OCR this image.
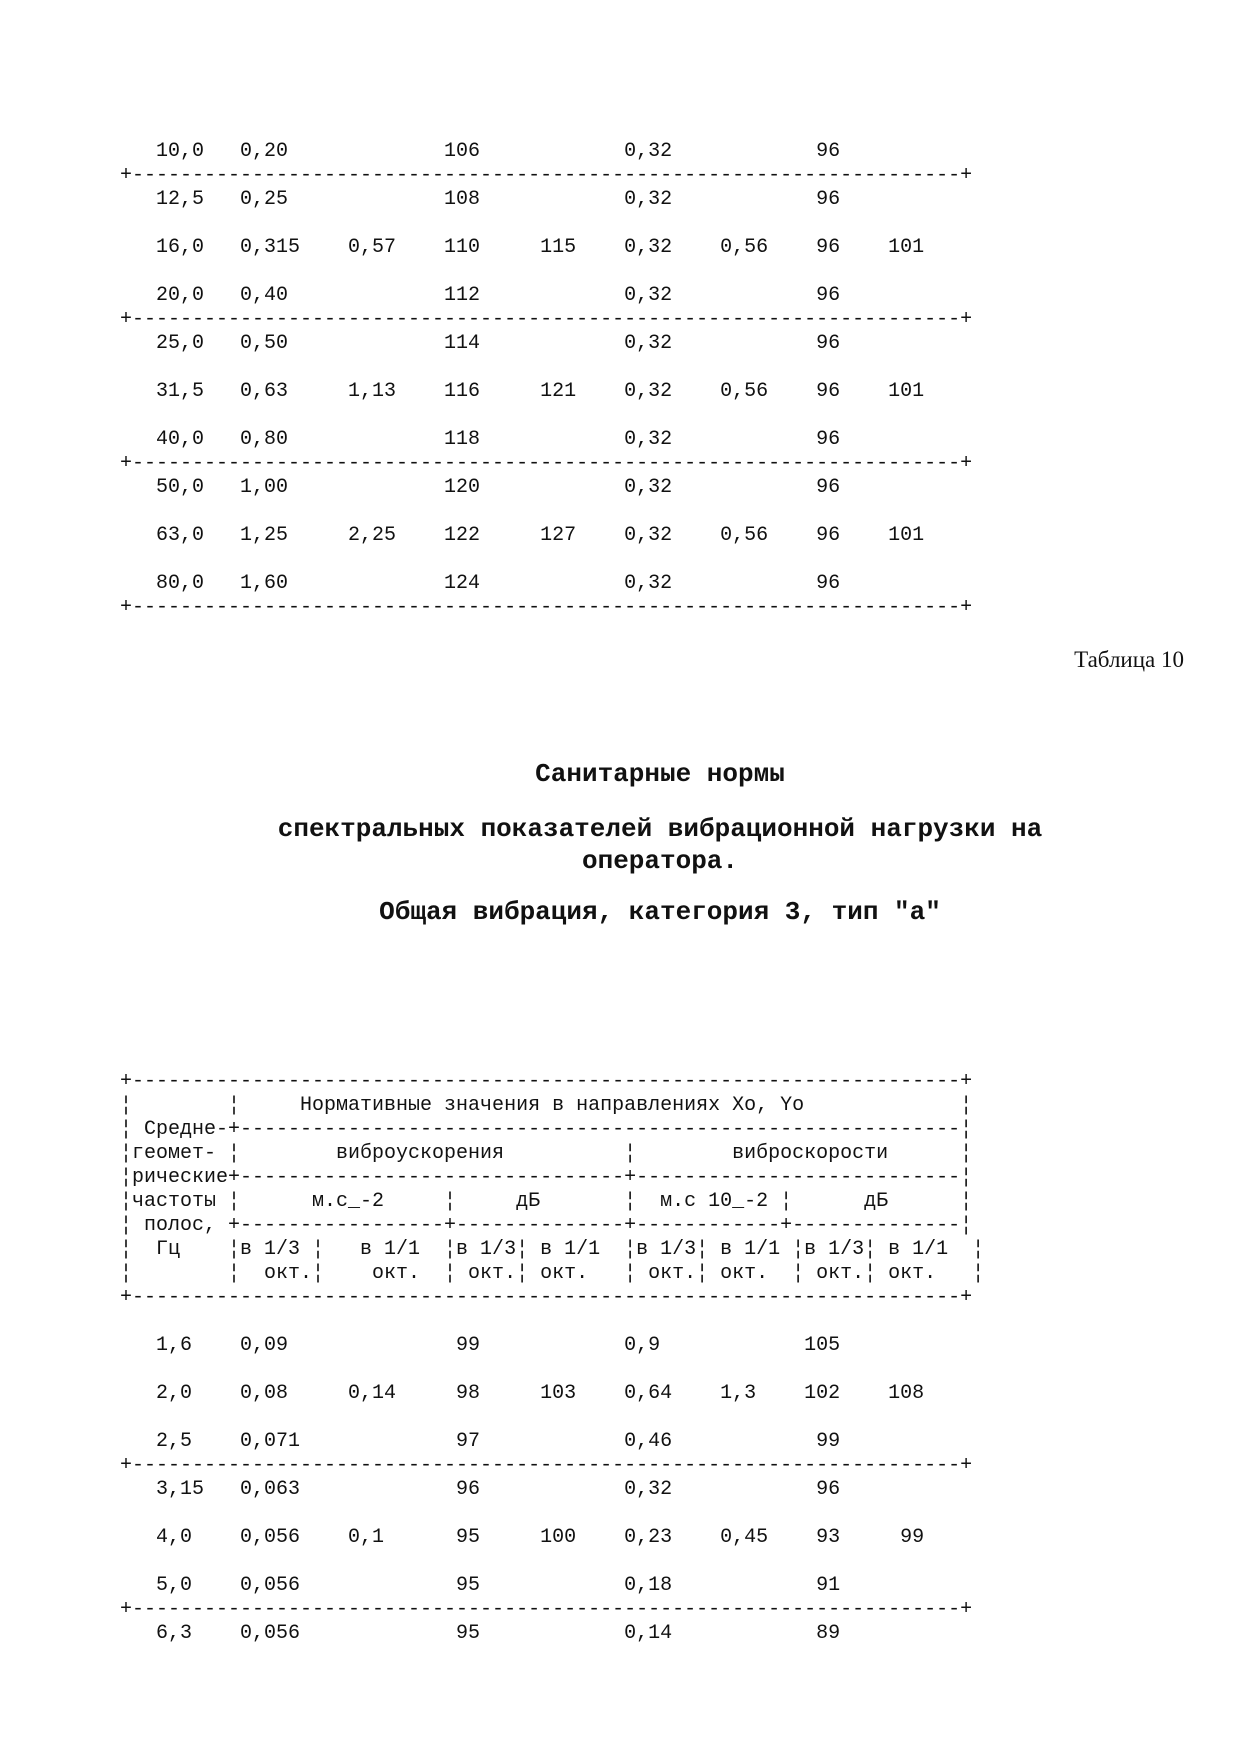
10,0   0,20             106            0,32            96
+---------------------------------------------------------------------+
12,5   0,25             108            0,32            96

16,0   0,315    0,57    110     115    0,32    0,56    96    101

20,0   0,40             112            0,32            96
+---------------------------------------------------------------------+
25,0   0,50             114            0,32            96

31,5   0,63     1,13    116     121    0,32    0,56    96    101

40,0   0,80             118            0,32            96
+---------------------------------------------------------------------+
50,0   1,00             120            0,32            96

63,0   1,25     2,25    122     127    0,32    0,56    96    101

80,0   1,60             124            0,32            96
+---------------------------------------------------------------------+
Таблица 10
Санитарные нормы
спектральных показателей вибрационной нагрузки на оператора.
Общая вибрация, категория 3, тип "а"
+---------------------------------------------------------------------+
¦        ¦     Нормативные значения в направлениях Xo, Yo             ¦
¦ Средне-+------------------------------------------------------------¦
¦геомет- ¦        виброускорения          ¦        виброскорости      ¦
¦рические+--------------------------------+---------------------------¦
¦частоты ¦      м.с_-2     ¦     дБ       ¦  м.с 10_-2 ¦      дБ      ¦
¦ полос, +-----------------+--------------+------------+--------------¦
¦  Гц    ¦в 1/3 ¦   в 1/1  ¦в 1/3¦ в 1/1  ¦в 1/3¦ в 1/1 ¦в 1/3¦ в 1/1  ¦
¦        ¦  окт.¦    окт.  ¦ окт.¦ окт.   ¦ окт.¦ окт.  ¦ окт.¦ окт.   ¦
+---------------------------------------------------------------------+

1,6    0,09              99            0,9            105

2,0    0,08     0,14     98     103    0,64    1,3    102    108

2,5    0,071             97            0,46            99
+---------------------------------------------------------------------+
3,15   0,063             96            0,32            96

4,0    0,056    0,1      95     100    0,23    0,45    93     99

5,0    0,056             95            0,18            91
+---------------------------------------------------------------------+
6,3    0,056             95            0,14            89
